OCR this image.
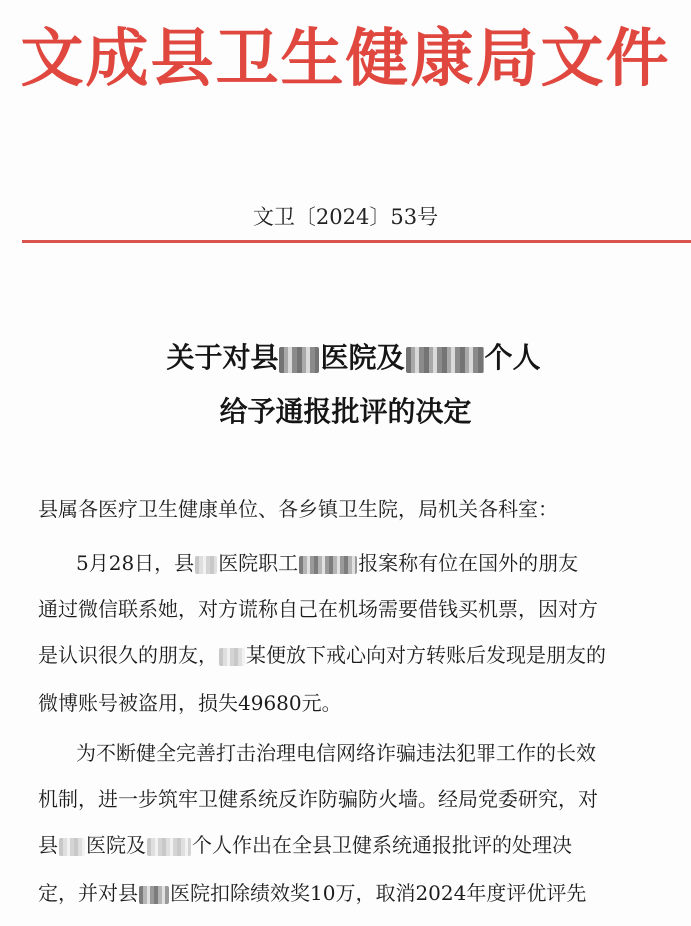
文成县卫生健康局文件
文卫〔2024〕53号
关于对县 医院及	个人
给予通报批评的决定
县属各医疗卫生健康单位、各乡镇卫生院，局机关各科室：
5月28日，县 医院职工	报案称有位在国外的朋友
通过微信联系她，对方谎称自己在机场需要借钱买机票，因对方
是认识很久的朋友， 某便放下戒心向对方转账后发现是朋友的
微博账号被盗用，损失49680元。
为不断健全完善打击治理电信网络诈骗违法犯罪工作的长效
机制，进一步筑牢卫健系统反诈防骗防火墙。经局党委研究，对
县 医院及 个人作出在全县卫健系统通报批评的处理决
定，并对县 医院扣除绩效奖10万，取消2024年度评优评先
